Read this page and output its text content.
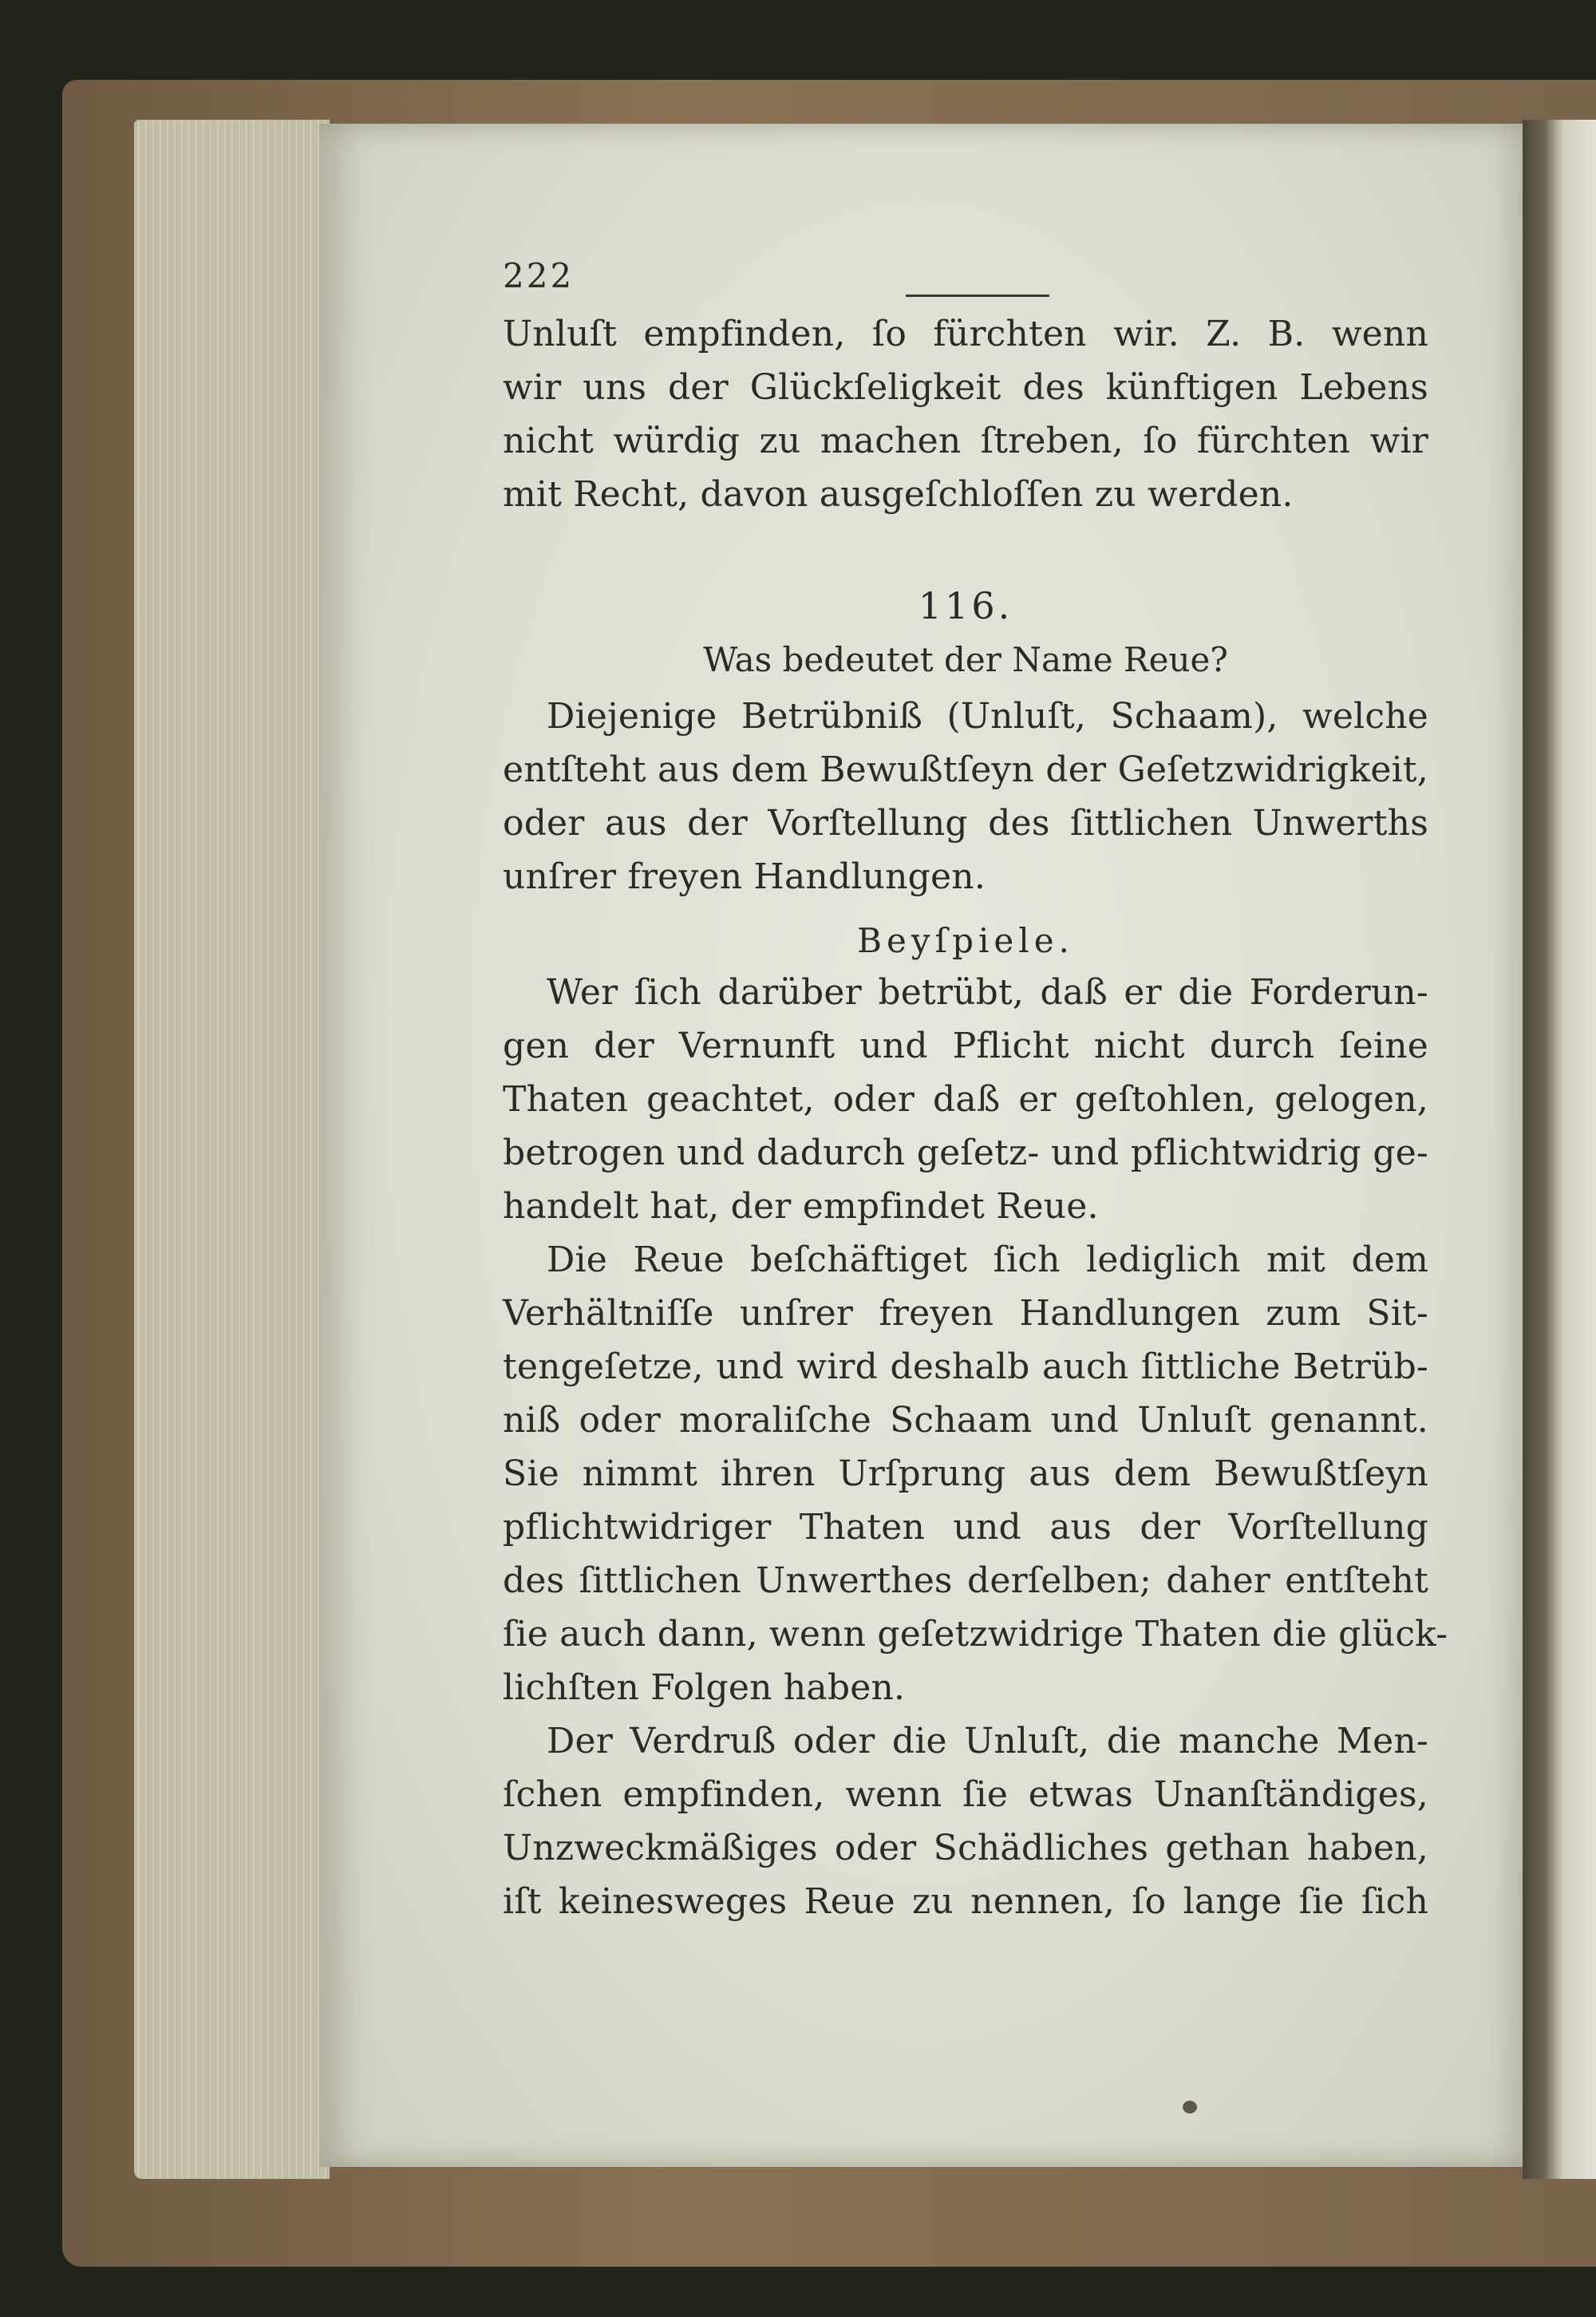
222
Unluſt empfinden, ſo fürchten wir. Z. B. wenn
wir uns der Glückſeligkeit des künftigen Lebens
nicht würdig zu machen ſtreben, ſo fürchten wir
mit Recht, davon ausgeſchloſſen zu werden.
116.
Was bedeutet der Name Reue?
Diejenige Betrübniß (Unluſt, Schaam), welche
entſteht aus dem Bewußtſeyn der Geſetzwidrigkeit,
oder aus der Vorſtellung des ſittlichen Unwerths
unſrer freyen Handlungen.
Beyſpiele.
Wer ſich darüber betrübt, daß er die Forderun-
gen der Vernunft und Pflicht nicht durch ſeine
Thaten geachtet, oder daß er geſtohlen, gelogen,
betrogen und dadurch geſetz- und pflichtwidrig ge-
handelt hat, der empfindet Reue.
Die Reue beſchäftiget ſich lediglich mit dem
Verhältniſſe unſrer freyen Handlungen zum Sit-
tengeſetze, und wird deshalb auch ſittliche Betrüb-
niß oder moraliſche Schaam und Unluſt genannt.
Sie nimmt ihren Urſprung aus dem Bewußtſeyn
pflichtwidriger Thaten und aus der Vorſtellung
des ſittlichen Unwerthes derſelben; daher entſteht
ſie auch dann, wenn geſetzwidrige Thaten die glück-
lichſten Folgen haben.
Der Verdruß oder die Unluſt, die manche Men-
ſchen empfinden, wenn ſie etwas Unanſtändiges,
Unzweckmäßiges oder Schädliches gethan haben,
iſt keinesweges Reue zu nennen, ſo lange ſie ſich
